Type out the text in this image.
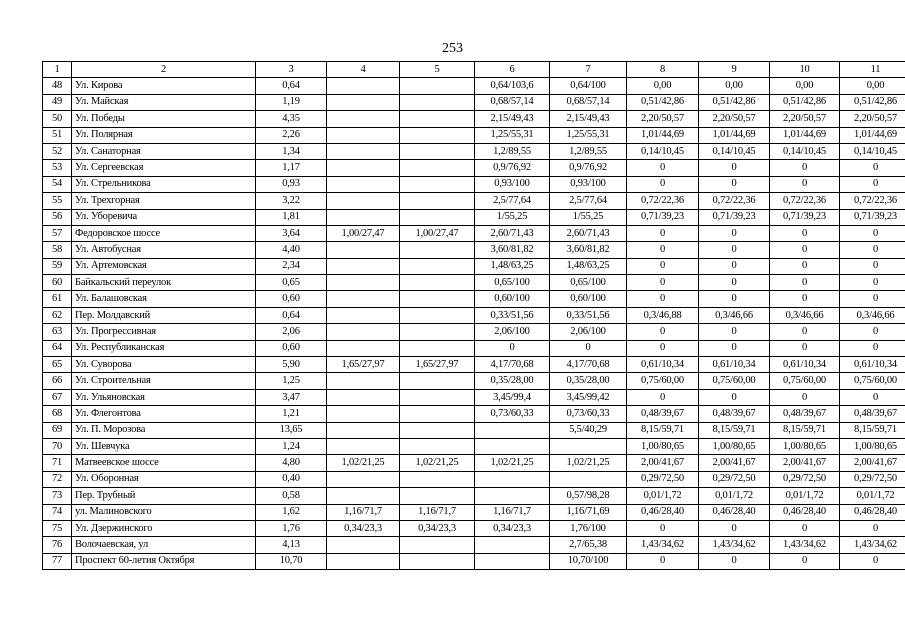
253
1	2	3	4	5	6	7	8	9	10	11
48	Ул. Кирова	0,64			0,64/103,6	0,64/100	0,00	0,00	0,00	0,00
49	Ул. Майская	1,19			0,68/57,14	0,68/57,14	0,51/42,86	0,51/42,86	0,51/42,86	0,51/42,86
50	Ул. Победы	4,35			2,15/49,43	2,15/49,43	2,20/50,57	2,20/50,57	2,20/50,57	2,20/50,57
51	Ул. Полярная	2,26			1,25/55,31	1,25/55,31	1,01/44,69	1,01/44,69	1,01/44,69	1,01/44,69
52	Ул. Санаторная	1,34			1,2/89,55	1,2/89,55	0,14/10,45	0,14/10,45	0,14/10,45	0,14/10,45
53	Ул. Сергеевская	1,17			0,9/76,92	0,9/76,92	0	0	0	0
54	Ул. Стрельникова	0,93			0,93/100	0,93/100	0	0	0	0
55	Ул. Трехгорная	3,22			2,5/77,64	2,5/77,64	0,72/22,36	0,72/22,36	0,72/22,36	0,72/22,36
56	Ул. Уборевича	1,81			1/55,25	1/55,25	0,71/39,23	0,71/39,23	0,71/39,23	0,71/39,23
57	Федоровское шоссе	3,64	1,00/27,47	1,00/27,47	2,60/71,43	2,60/71,43	0	0	0	0
58	Ул. Автобусная	4,40			3,60/81,82	3,60/81,82	0	0	0	0
59	Ул. Артемовская	2,34			1,48/63,25	1,48/63,25	0	0	0	0
60	Байкальский переулок	0,65			0,65/100	0,65/100	0	0	0	0
61	Ул. Балашовская	0,60			0,60/100	0,60/100	0	0	0	0
62	Пер. Молдавский	0,64			0,33/51,56	0,33/51,56	0,3/46,88	0,3/46,66	0,3/46,66	0,3/46,66
63	Ул. Прогрессивная	2,06			2,06/100	2,06/100	0	0	0	0
64	Ул. Республиканская	0,60			0	0	0	0	0	0
65	Ул. Суворова	5,90	1,65/27,97	1,65/27,97	4,17/70,68	4,17/70,68	0,61/10,34	0,61/10,34	0,61/10,34	0,61/10,34
66	Ул. Строительная	1,25			0,35/28,00	0,35/28,00	0,75/60,00	0,75/60,00	0,75/60,00	0,75/60,00
67	Ул. Ульяновская	3,47			3,45/99,4	3,45/99,42	0	0	0	0
68	Ул. Флегонтова	1,21			0,73/60,33	0,73/60,33	0,48/39,67	0,48/39,67	0,48/39,67	0,48/39,67
69	Ул. П. Морозова	13,65				5,5/40,29	8,15/59,71	8,15/59,71	8,15/59,71	8,15/59,71
70	Ул. Шевчука	1,24					1,00/80,65	1,00/80,65	1,00/80,65	1,00/80,65
71	Матвеевское шоссе	4,80	1,02/21,25	1,02/21,25	1,02/21,25	1,02/21,25	2,00/41,67	2,00/41,67	2,00/41,67	2,00/41,67
72	Ул. Оборонная	0,40					0,29/72,50	0,29/72,50	0,29/72,50	0,29/72,50
73	Пер. Трубный	0,58				0,57/98,28	0,01/1,72	0,01/1,72	0,01/1,72	0,01/1,72
74	ул. Малиновского	1,62	1,16/71,7	1,16/71,7	1,16/71,7	1,16/71,69	0,46/28,40	0,46/28,40	0,46/28,40	0,46/28,40
75	Ул. Дзержинского	1,76	0,34/23,3	0,34/23,3	0,34/23,3	1,76/100	0	0	0	0
76	Волочаевская, ул	4,13				2,7/65,38	1,43/34,62	1,43/34,62	1,43/34,62	1,43/34,62
77	Проспект 60-летия Октября	10,70				10,70/100	0	0	0	0
